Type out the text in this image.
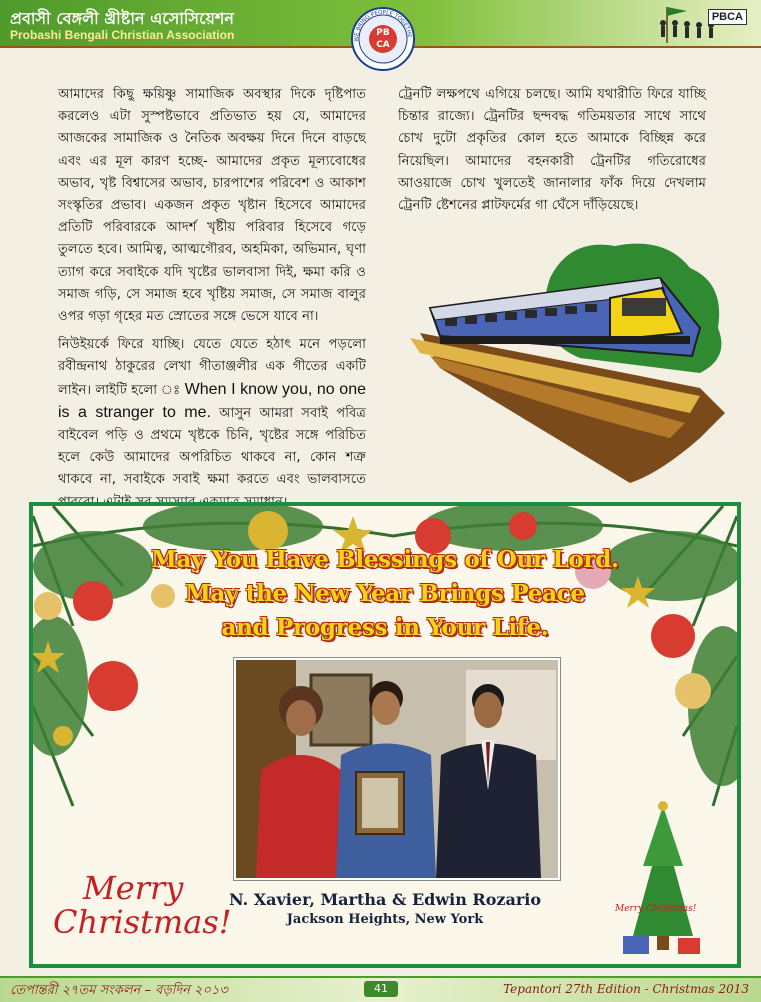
প্রবাসী বেঙ্গলী খ্রীষ্টান এসোসিয়েশন
Probashi Bengali Christian Association
PBCA
PB
CA
WE BRING PEOPLE TOGETHE

আমাদের কিছু ক্ষয়িষ্ণু সামাজিক অবস্থার দিকে দৃষ্টিপাত করলেও এটা সুস্পষ্টভাবে প্রতিভাত হয় যে, আমাদের আজকের সামাজিক ও নৈতিক অবক্ষয় দিনে দিনে বাড়ছে এবং এর মূল কারণ হচ্ছে- আমাদের প্রকৃত মূল্যবোধের অভাব, খৃষ্ট বিশ্বাসের অভাব, চারপাশের পরিবেশ ও আকাশ সংস্কৃতির প্রভাব। একজন প্রকৃত খৃষ্টান হিসেবে আমাদের প্রতিটি পরিবারকে আদর্শ খৃষ্টীয় পরিবার হিসেবে গড়ে তুলতে হবে। আমিত্ব, আত্মগৌরব, অহমিকা, অভিমান, ঘৃণা ত্যাগ করে সবাইকে যদি খৃষ্টের ভালবাসা দিই, ক্ষমা করি ও সমাজ গড়ি, সে সমাজ হবে খৃষ্টিয় সমাজ, সে সমাজ বালুর ওপর গড়া গৃহের মত স্রোতের সঙ্গে ভেসে যাবে না।

নিউইয়র্কে ফিরে যাচ্ছি। যেতে যেতে হঠাৎ মনে পড়লো রবীন্দ্রনাথ ঠাকুরের লেখা গীতাঞ্জলীর এক গীতের একটি লাইন। লাইটি হলো ঃ When I know you, no one is a stranger to me. আসুন আমরা সবাই পবিত্র বাইবেল পড়ি ও প্রথমে খৃষ্টকে চিনি, খৃষ্টের সঙ্গে পরিচিত হলে কেউ আমাদের অপরিচিত থাকবে না, কোন শত্রু থাকবে না, সবাইকে সবাই ক্ষমা করতে এবং ভালবাসতে

ট্রেনটি লক্ষপথে এগিয়ে চলছে। আমি যথারীতি ফিরে যাচ্ছি চিন্তার রাজ্যে। ট্রেনটির ছন্দবদ্ধ গতিময়তার সাথে সাথে চোখ দুটো প্রকৃতির কোল হতে আমাকে বিচ্ছিন্ন করে নিয়েছিল। আমাদের বহনকারী ট্রেনটির গতিরোধের আওয়াজে চোখ খুলতেই জানালার ফাঁক দিয়ে দেখলাম ট্রেনটি ষ্টেশনের প্লাটফর্মের গা ঘেঁসে দাঁড়িয়েছে।

May You Have Blessings of Our Lord.
May the New Year Brings Peace
and Progress in Your Life.
N. Xavier, Martha & Edwin Rozario
Jackson Heights, New York
Merry
Christmas!	Merry Christmas!
তেপান্তরী ২৭তম সংকলন – বড়দিন ২০১৩	41	Tepantori 27th Edition - Christmas 2013
